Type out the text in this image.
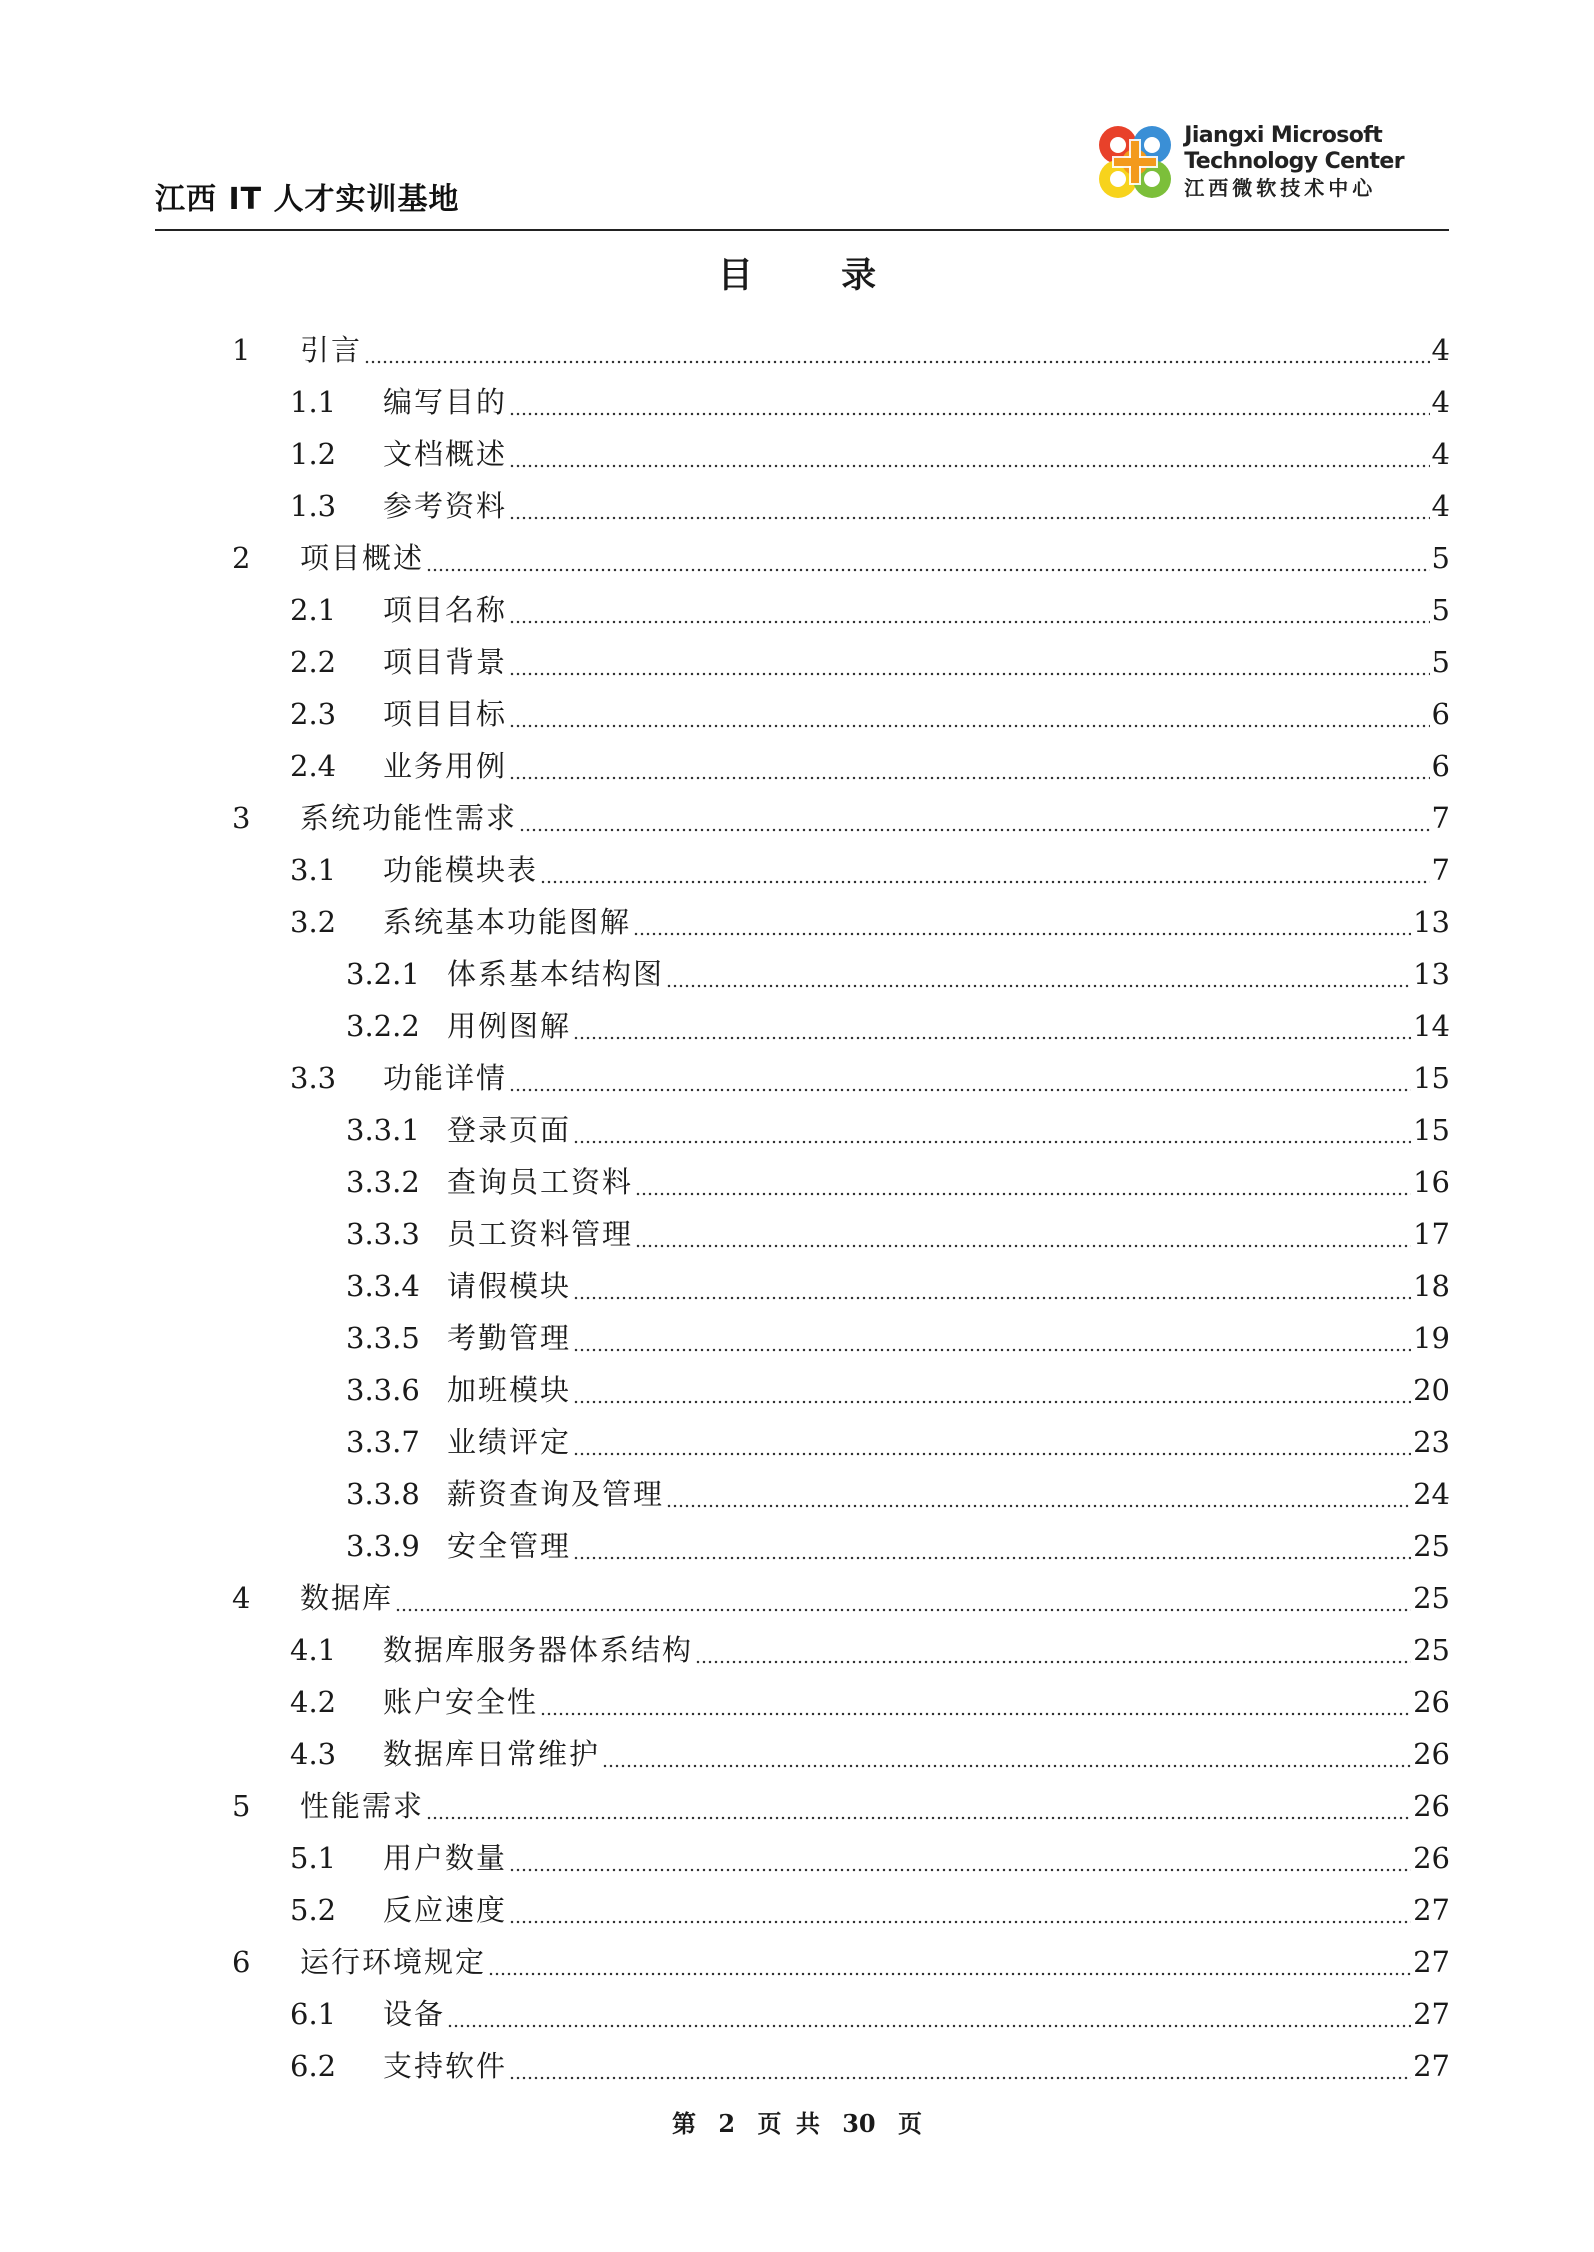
江西 IT 人才实训基地
Jiangxi Microsoft
Technology Center
江西微软技术中心
目 录
1	引言	4
1.1	编写目的	4
1.2	文档概述	4
1.3	参考资料	4
2	项目概述	5
2.1	项目名称	5
2.2	项目背景	5
2.3	项目目标	6
2.4	业务用例	6
3	系统功能性需求	7
3.1	功能模块表	7
3.2	系统基本功能图解	13
3.2.1 体系基本结构图	13
3.2.2 用例图解	14
3.3	功能详情	15
3.3.1 登录页面	15
3.3.2 查询员工资料	16
3.3.3 员工资料管理	17
3.3.4 请假模块	18
3.3.5 考勤管理	19
3.3.6 加班模块	20
3.3.7 业绩评定	23
3.3.8 薪资查询及管理	24
3.3.9 安全管理	25
4	数据库	25
4.1	数据库服务器体系结构	25
4.2	账户安全性	26
4.3	数据库日常维护	26
5	性能需求	26
5.1	用户数量	26
5.2	反应速度	27
6	运行环境规定	27
6.1	设备	27
6.2	支持软件	27
第 2 页 共 30 页
